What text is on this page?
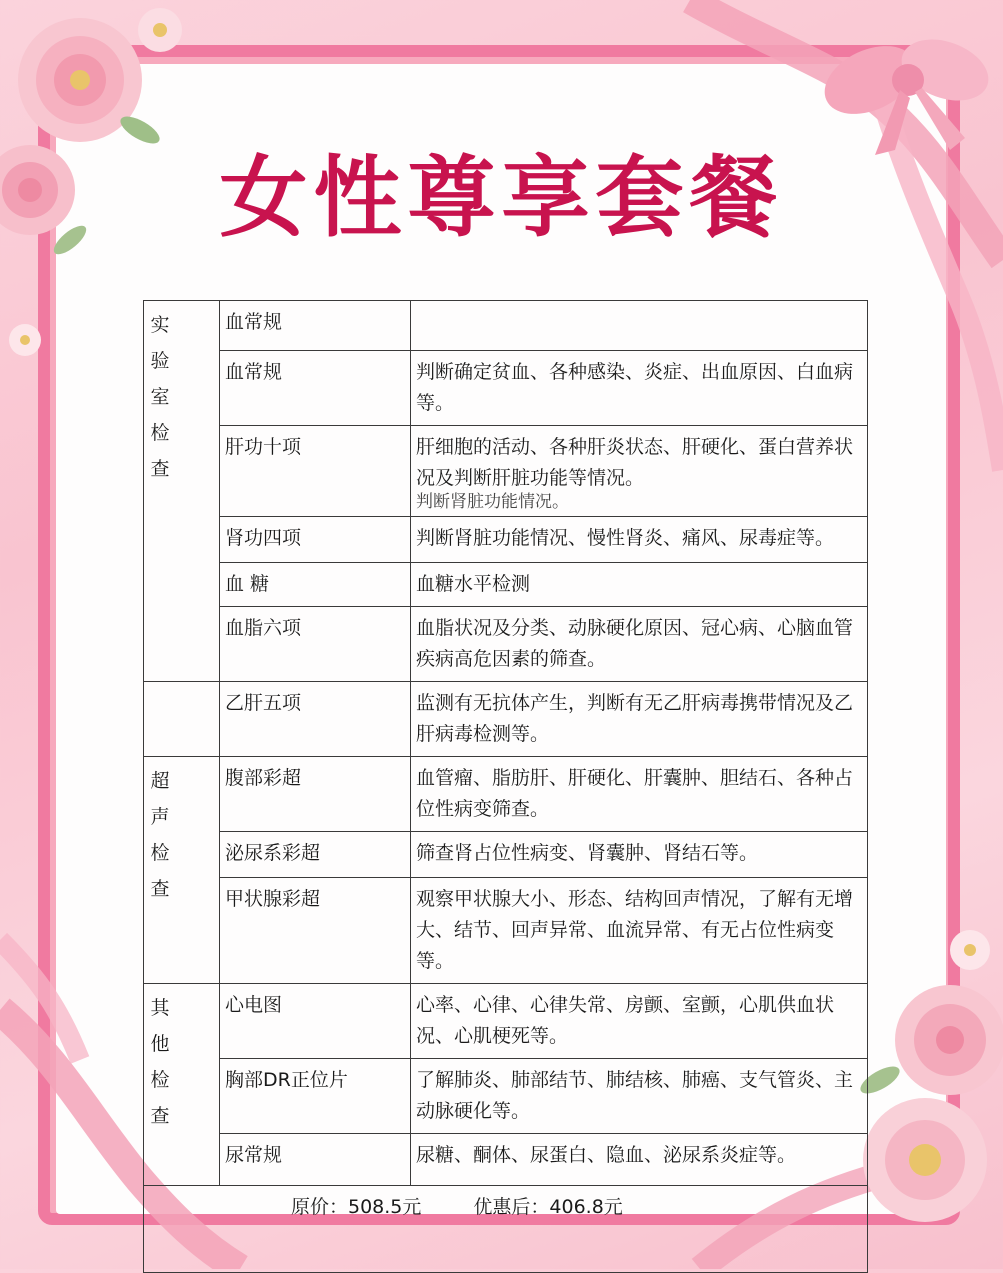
女性尊享套餐
实验室检查	血常规	
	血常规	判断确定贫血、各种感染、炎症、出血原因、白血病等。
	肝功十项	肝细胞的活动、各种肝炎状态、肝硬化、蛋白营养状况及判断肝脏功能等情况。
判断肾脏功能情况。

	肾功四项	判断肾脏功能情况、慢性肾炎、痛风、尿毒症等。
	血 糖	血糖水平检测
	血脂六项	血脂状况及分类、动脉硬化原因、冠心病、心脑血管疾病高危因素的筛查。
	乙肝五项	监测有无抗体产生，判断有无乙肝病毒携带情况及乙肝病毒检测等。
超声检查	腹部彩超	血管瘤、脂肪肝、肝硬化、肝囊肿、胆结石、各种占位性病变筛查。
	泌尿系彩超	筛查肾占位性病变、肾囊肿、肾结石等。
	甲状腺彩超	观察甲状腺大小、形态、结构回声情况，了解有无增大、结节、回声异常、血流异常、有无占位性病变等。
其他检查	心电图	心率、心律、心律失常、房颤、室颤，心肌供血状况、心肌梗死等。
	胸部DR正位片	了解肺炎、肺部结节、肺结核、肺癌、支气管炎、主动脉硬化等。
	尿常规	尿糖、酮体、尿蛋白、隐血、泌尿系炎症等。
原价：508.5元 优惠后：406.8元		
